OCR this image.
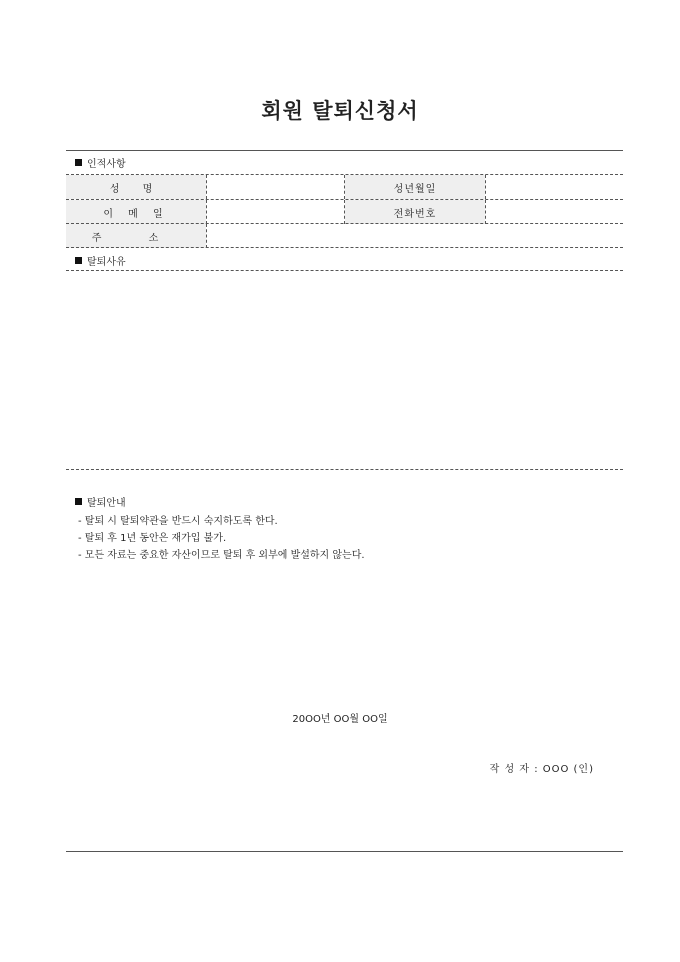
회원 탈퇴신청서
인적사항
성 명	성년월일
이 메 일	전화번호
주 소
탈퇴사유
탈퇴안내
- 탈퇴 시 탈퇴약관을 반드시 숙지하도록 한다.
- 탈퇴 후 1년 동안은 재가입 불가.
- 모든 자료는 중요한 자산이므로 탈퇴 후 외부에 발설하지 않는다.
20OO년 OO월 OO일
작 성 자 : OOO (인)
